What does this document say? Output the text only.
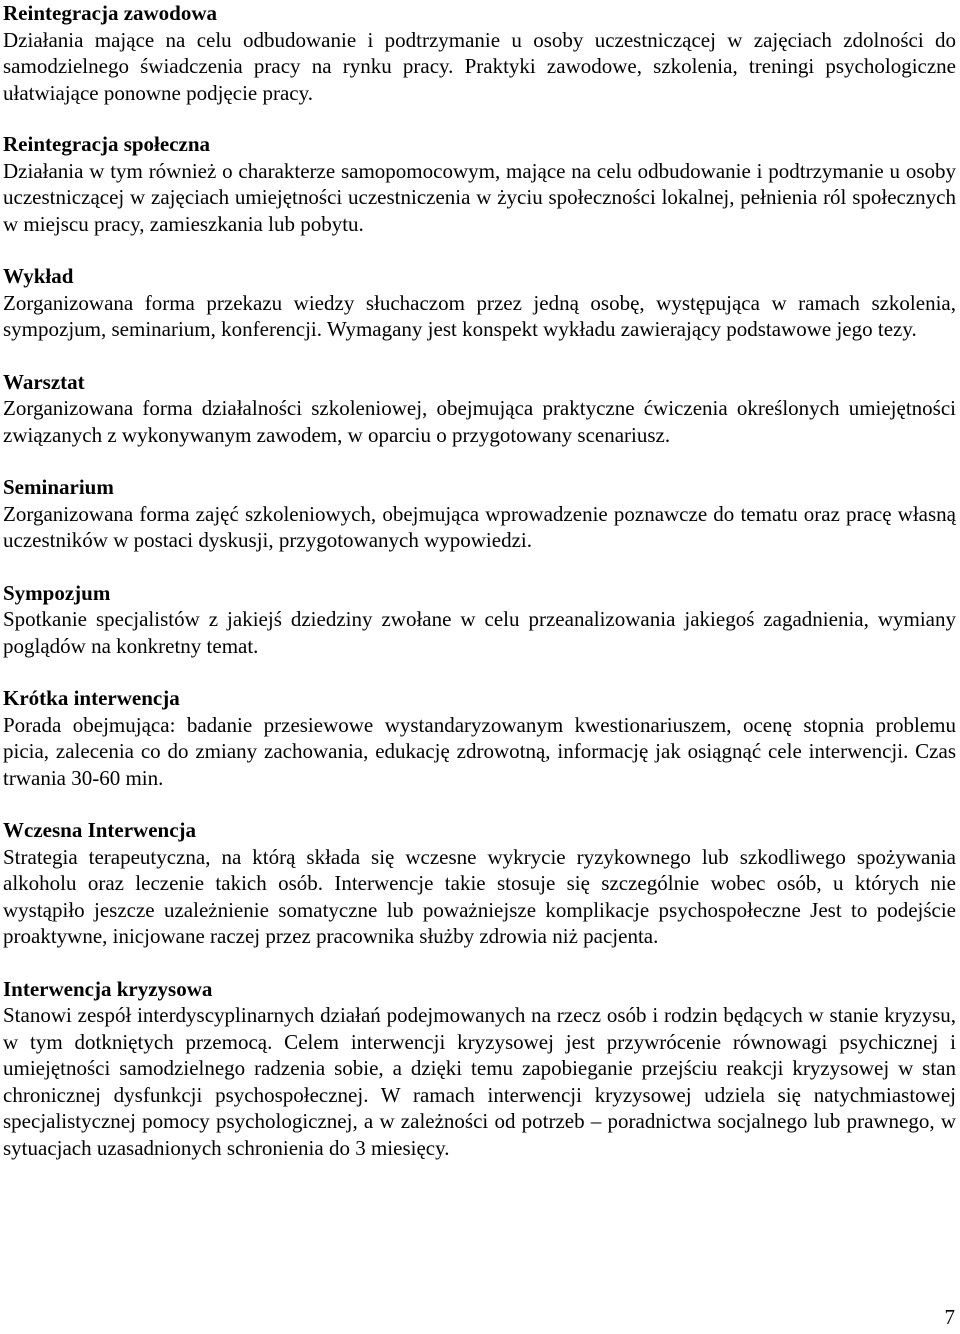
Reintegracja zawodowa
Działania mające na celu odbudowanie i podtrzymanie u osoby uczestniczącej w zajęciach zdolności do samodzielnego świadczenia pracy na rynku pracy. Praktyki zawodowe, szkolenia, treningi psychologiczne ułatwiające ponowne podjęcie pracy.
Reintegracja społeczna
Działania w tym również o charakterze samopomocowym, mające na celu odbudowanie i podtrzymanie u osoby uczestniczącej w zajęciach umiejętności uczestniczenia w życiu społeczności lokalnej, pełnienia ról społecznych w miejscu pracy, zamieszkania lub pobytu.
Wykład
Zorganizowana forma przekazu wiedzy słuchaczom przez jedną osobę, występująca w ramach szkolenia, sympozjum, seminarium, konferencji. Wymagany jest konspekt wykładu zawierający podstawowe jego tezy.
Warsztat
Zorganizowana forma działalności szkoleniowej, obejmująca praktyczne ćwiczenia określonych umiejętności związanych z wykonywanym zawodem, w oparciu o przygotowany scenariusz.
Seminarium
Zorganizowana forma zajęć szkoleniowych, obejmująca wprowadzenie poznawcze do tematu oraz pracę własną uczestników w postaci dyskusji, przygotowanych wypowiedzi.
Sympozjum
Spotkanie specjalistów z jakiejś dziedziny zwołane w celu przeanalizowania jakiegoś zagadnienia, wymiany poglądów na konkretny temat.
Krótka interwencja
Porada obejmująca: badanie przesiewowe wystandaryzowanym kwestionariuszem, ocenę stopnia problemu picia, zalecenia co do zmiany zachowania, edukację zdrowotną, informację jak osiągnąć cele interwencji. Czas trwania 30-60 min.
Wczesna Interwencja
Strategia terapeutyczna, na którą składa się wczesne wykrycie ryzykownego lub szkodliwego spożywania alkoholu oraz leczenie takich osób. Interwencje takie stosuje się szczególnie wobec osób, u których nie wystąpiło jeszcze uzależnienie somatyczne lub poważniejsze komplikacje psychospołeczne Jest to podejście proaktywne, inicjowane raczej przez pracownika służby zdrowia niż pacjenta.
Interwencja kryzysowa
Stanowi zespół interdyscyplinarnych działań podejmowanych na rzecz osób i rodzin będących w stanie kryzysu, w tym dotkniętych przemocą. Celem interwencji kryzysowej jest przywrócenie równowagi psychicznej i umiejętności samodzielnego radzenia sobie, a dzięki temu zapobieganie przejściu reakcji kryzysowej w stan chronicznej dysfunkcji psychospołecznej. W ramach interwencji kryzysowej udziela się natychmiastowej specjalistycznej pomocy psychologicznej, a w zależności od potrzeb – poradnictwa socjalnego lub prawnego, w sytuacjach uzasadnionych schronienia do 3 miesięcy.
7
